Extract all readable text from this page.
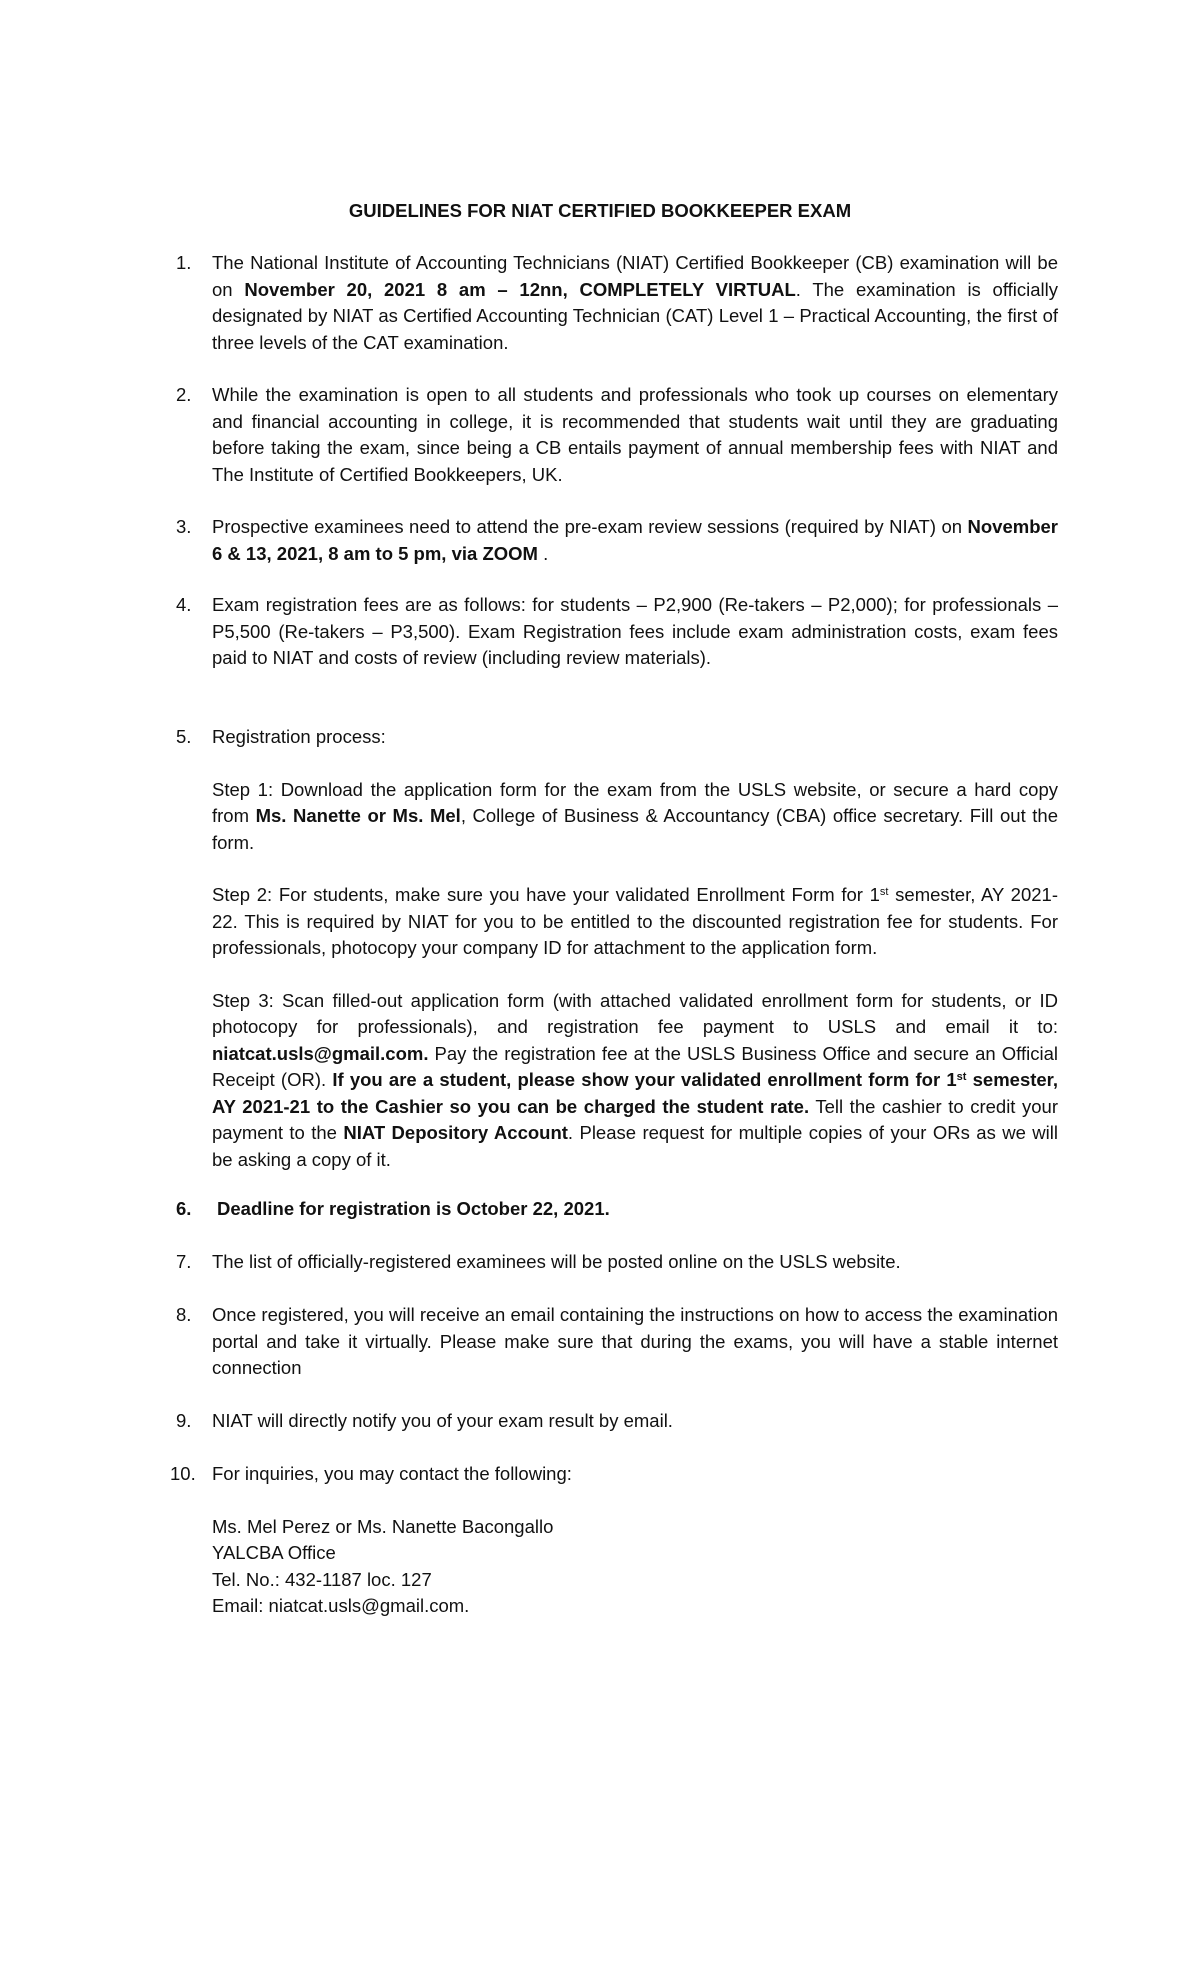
GUIDELINES FOR NIAT CERTIFIED BOOKKEEPER EXAM
1.	The National Institute of Accounting Technicians (NIAT) Certified Bookkeeper (CB) examination will be on November 20, 2021 8 am – 12nn, COMPLETELY VIRTUAL. The examination is officially designated by NIAT as Certified Accounting Technician (CAT) Level 1 – Practical Accounting, the first of three levels of the CAT examination.

2.	While the examination is open to all students and professionals who took up courses on elementary and financial accounting in college, it is recommended that students wait until they are graduating before taking the exam, since being a CB entails payment of annual membership fees with NIAT and The Institute of Certified Bookkeepers, UK.
3.	Prospective examinees need to attend the pre-exam review sessions (required by NIAT) on November 6 & 13, 2021, 8 am to 5 pm, via ZOOM .

4.	Exam registration fees are as follows: for students – P2,900 (Re-takers – P2,000); for professionals – P5,500 (Re-takers – P3,500). Exam Registration fees include exam administration costs, exam fees paid to NIAT and costs of review (including review materials).
5.	Registration process:

Step 1: Download the application form for the exam from the USLS website, or secure a hard copy from Ms. Nanette or Ms. Mel, College of Business & Accountancy (CBA) office secretary. Fill out the form.

Step 2: For students, make sure you have your validated Enrollment Form for 1st semester, AY 2021-22. This is required by NIAT for you to be entitled to the discounted registration fee for students. For professionals, photocopy your company ID for attachment to the application form.

Step 3: Scan filled-out application form (with attached validated enrollment form for students, or ID photocopy for professionals), and registration fee payment to USLS and email it to: niatcat.usls@gmail.com. Pay the registration fee at the USLS Business Office and secure an Official Receipt (OR). If you are a student, please show your validated enrollment form for 1st semester, AY 2021-21 to the Cashier so you can be charged the student rate. Tell the cashier to credit your payment to the NIAT Depository Account. Please request for multiple copies of your ORs as we will be asking a copy of it.

6.	Deadline for registration is October 22, 2021.
7.	The list of officially-registered examinees will be posted online on the USLS website.
8.	Once registered, you will receive an email containing the instructions on how to access the examination portal and take it virtually. Please make sure that during the exams, you will have a stable internet connection
9.	NIAT will directly notify you of your exam result by email.
10. For inquiries, you may contact the following:

Ms. Mel Perez or Ms. Nanette Bacongallo

YALCBA Office

Tel. No.: 432-1187 loc. 127

Email: niatcat.usls@gmail.com.
